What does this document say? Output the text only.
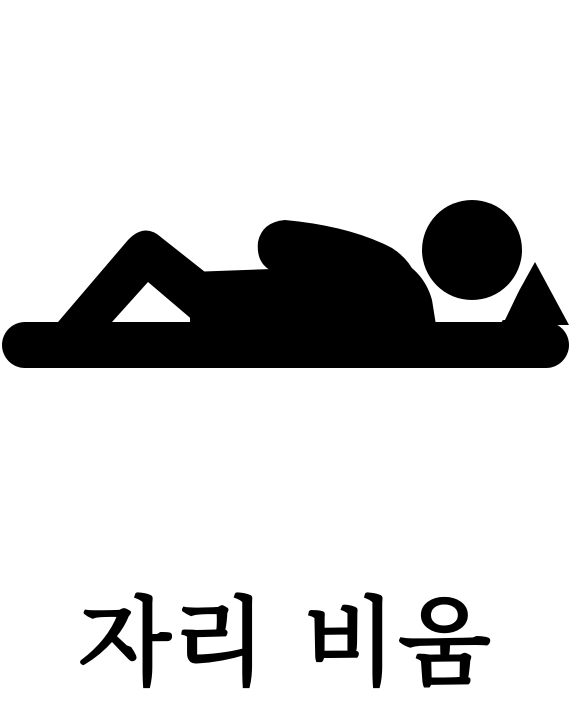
자리 비움
